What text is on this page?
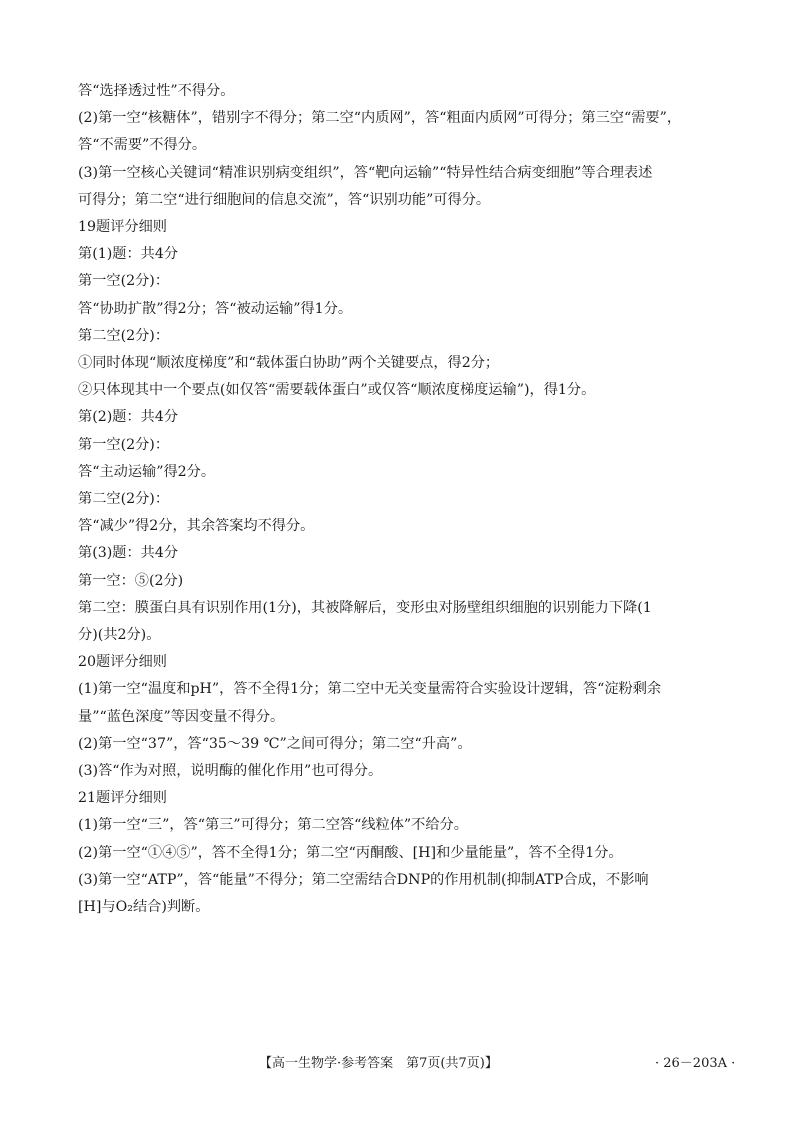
答“选择透过性”不得分。
(2)第一空“核糖体”，错别字不得分；第二空“内质网”，答“粗面内质网”可得分；第三空“需要”，
答“不需要”不得分。
(3)第一空核心关键词“精准识别病变组织”，答“靶向运输”“特异性结合病变细胞”等合理表述
可得分；第二空“进行细胞间的信息交流”，答“识别功能”可得分。
19题评分细则
第(1)题：共4分
第一空(2分)：
答“协助扩散”得2分；答“被动运输”得1分。
第二空(2分)：
①同时体现“顺浓度梯度”和“载体蛋白协助”两个关键要点，得2分；
②只体现其中一个要点(如仅答“需要载体蛋白”或仅答“顺浓度梯度运输”)，得1分。
第(2)题：共4分
第一空(2分)：
答“主动运输”得2分。
第二空(2分)：
答“减少”得2分，其余答案均不得分。
第(3)题：共4分
第一空：⑤(2分)
第二空：膜蛋白具有识别作用(1分)，其被降解后，变形虫对肠壁组织细胞的识别能力下降(1
分)(共2分)。
20题评分细则
(1)第一空“温度和pH”，答不全得1分；第二空中无关变量需符合实验设计逻辑，答“淀粉剩余
量”“蓝色深度”等因变量不得分。
(2)第一空“37”，答“35～39 ℃”之间可得分；第二空“升高”。
(3)答“作为对照，说明酶的催化作用”也可得分。
21题评分细则
(1)第一空“三”，答“第三”可得分；第二空答“线粒体”不给分。
(2)第一空“①④⑤”，答不全得1分；第二空“丙酮酸、[H]和少量能量”，答不全得1分。
(3)第一空“ATP”，答“能量”不得分；第二空需结合DNP的作用机制(抑制ATP合成，不影响
[H]与O₂结合)判断。
【高一生物学·参考答案　第7页(共7页)】	· 26－203A ·
